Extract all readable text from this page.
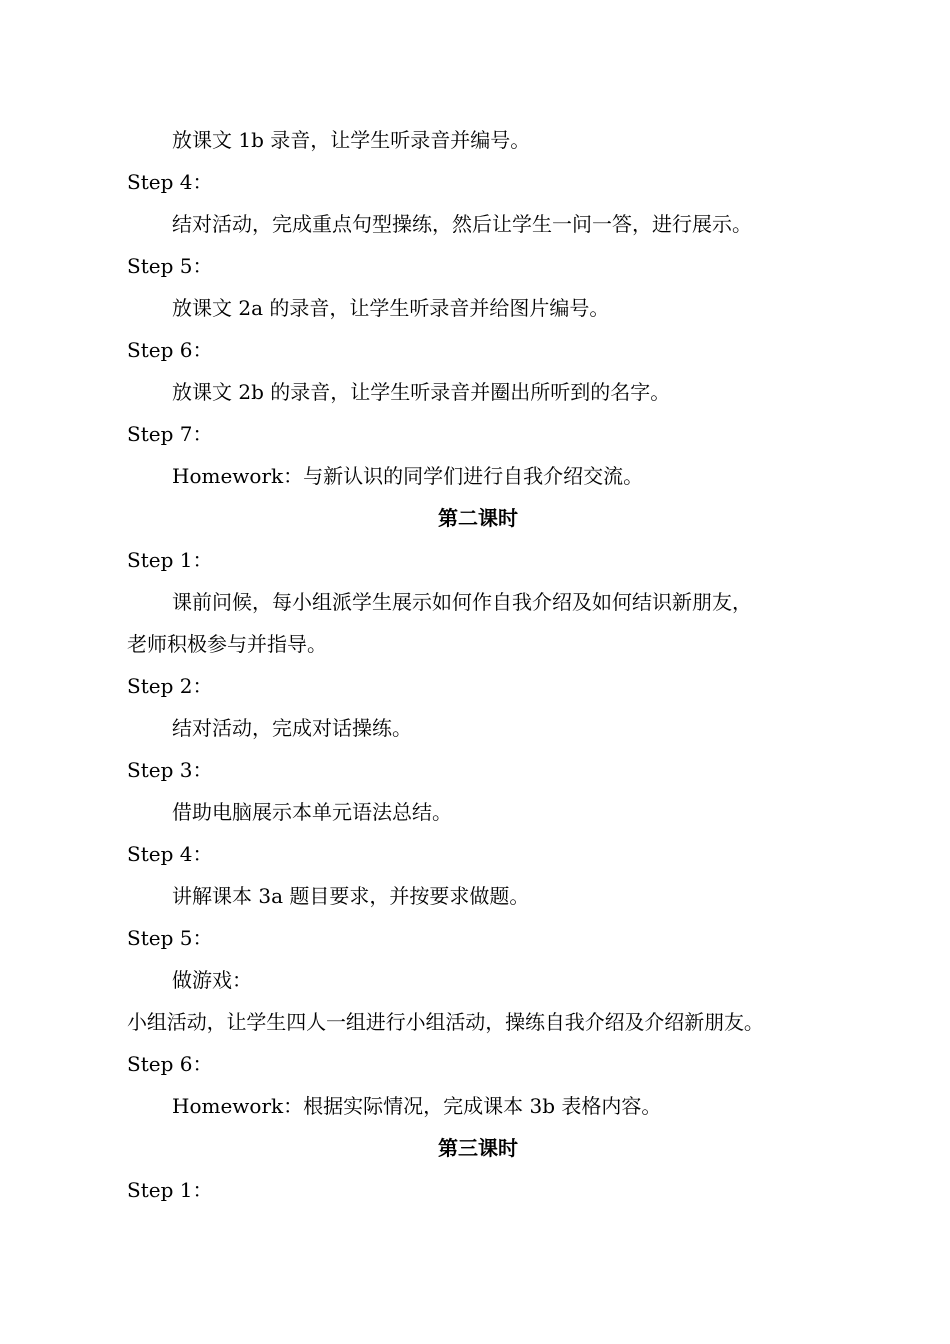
放课文 1b 录音，让学生听录音并编号。
Step 4：
结对活动，完成重点句型操练，然后让学生一问一答，进行展示。
Step 5：
放课文 2a 的录音，让学生听录音并给图片编号。
Step 6：
放课文 2b 的录音，让学生听录音并圈出所听到的名字。
Step 7：
Homework：与新认识的同学们进行自我介绍交流。
第二课时
Step 1：
课前问候，每小组派学生展示如何作自我介绍及如何结识新朋友，
老师积极参与并指导。
Step 2：
结对活动，完成对话操练。
Step 3：
借助电脑展示本单元语法总结。
Step 4：
讲解课本 3a 题目要求，并按要求做题。
Step 5：
做游戏：
小组活动，让学生四人一组进行小组活动，操练自我介绍及介绍新朋友。
Step 6：
Homework：根据实际情况，完成课本 3b 表格内容。
第三课时
Step 1：
